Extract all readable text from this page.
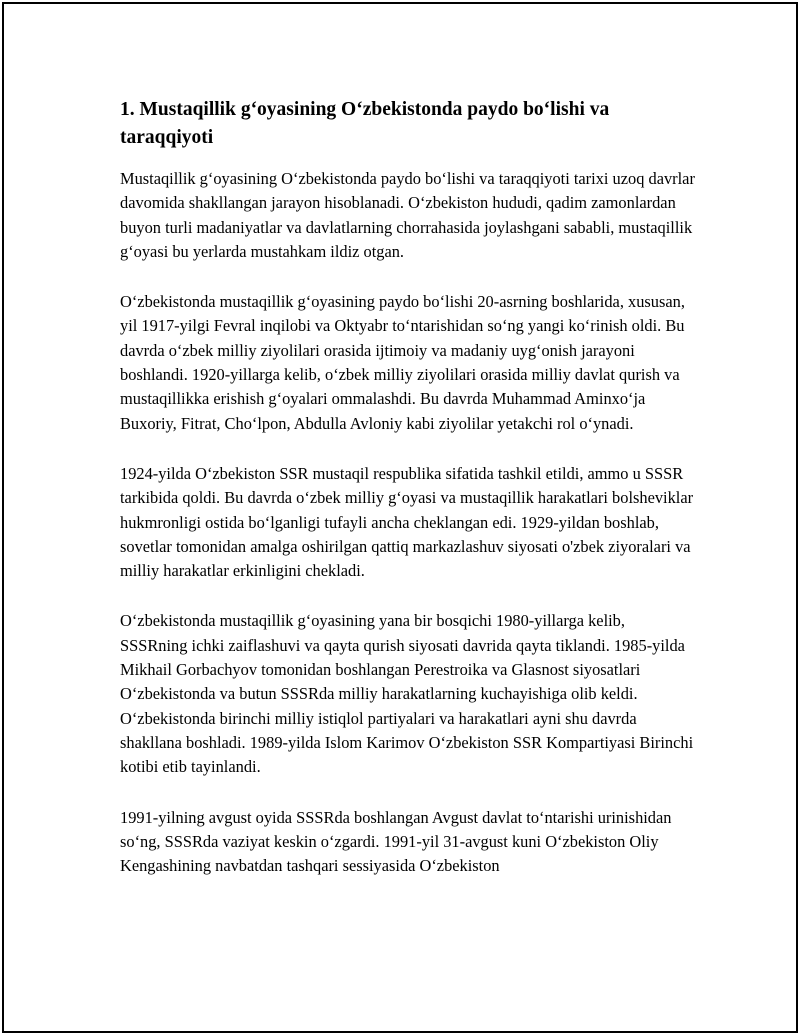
1. Mustaqillik g‘oyasining O‘zbekistonda paydo bo‘lishi va taraqqiyoti

Mustaqillik g‘oyasining O‘zbekistonda paydo bo‘lishi va taraqqiyoti tarixi uzoq davrlar davomida shakllangan jarayon hisoblanadi. O‘zbekiston hududi, qadim zamonlardan buyon turli madaniyatlar va davlatlarning chorrahasida joylashgani sababli, mustaqillik g‘oyasi bu yerlarda mustahkam ildiz otgan.

O‘zbekistonda mustaqillik g‘oyasining paydo bo‘lishi 20-asrning boshlarida, xususan, yil 1917-yilgi Fevral inqilobi va Oktyabr to‘ntarishidan so‘ng yangi ko‘rinish oldi. Bu davrda o‘zbek milliy ziyolilari orasida ijtimoiy va madaniy uyg‘onish jarayoni boshlandi. 1920-yillarga kelib, o‘zbek milliy ziyolilari orasida milliy davlat qurish va mustaqillikka erishish g‘oyalari ommalashdi. Bu davrda Muhammad Aminxo‘ja Buxoriy, Fitrat, Cho‘lpon, Abdulla Avloniy kabi ziyolilar yetakchi rol o‘ynadi.

1924-yilda O‘zbekiston SSR mustaqil respublika sifatida tashkil etildi, ammo u SSSR tarkibida qoldi. Bu davrda o‘zbek milliy g‘oyasi va mustaqillik harakatlari bolsheviklar hukmronligi ostida bo‘lganligi tufayli ancha cheklangan edi. 1929-yildan boshlab, sovetlar tomonidan amalga oshirilgan qattiq markazlashuv siyosati o'zbek ziyoralari va milliy harakatlar erkinligini chekladi.

O‘zbekistonda mustaqillik g‘oyasining yana bir bosqichi 1980-yillarga kelib, SSSRning ichki zaiflashuvi va qayta qurish siyosati davrida qayta tiklandi. 1985-yilda Mikhail Gorbachyov tomonidan boshlangan Perestroika va Glasnost siyosatlari O‘zbekistonda va butun SSSRda milliy harakatlarning kuchayishiga olib keldi. O‘zbekistonda birinchi milliy istiqlol partiyalari va harakatlari ayni shu davrda shakllana boshladi. 1989-yilda Islom Karimov O‘zbekiston SSR Kompartiyasi Birinchi kotibi etib tayinlandi.

1991-yilning avgust oyida SSSRda boshlangan Avgust davlat to‘ntarishi urinishidan so‘ng, SSSRda vaziyat keskin o‘zgardi. 1991-yil 31-avgust kuni O‘zbekiston Oliy Kengashining navbatdan tashqari sessiyasida O‘zbekiston
